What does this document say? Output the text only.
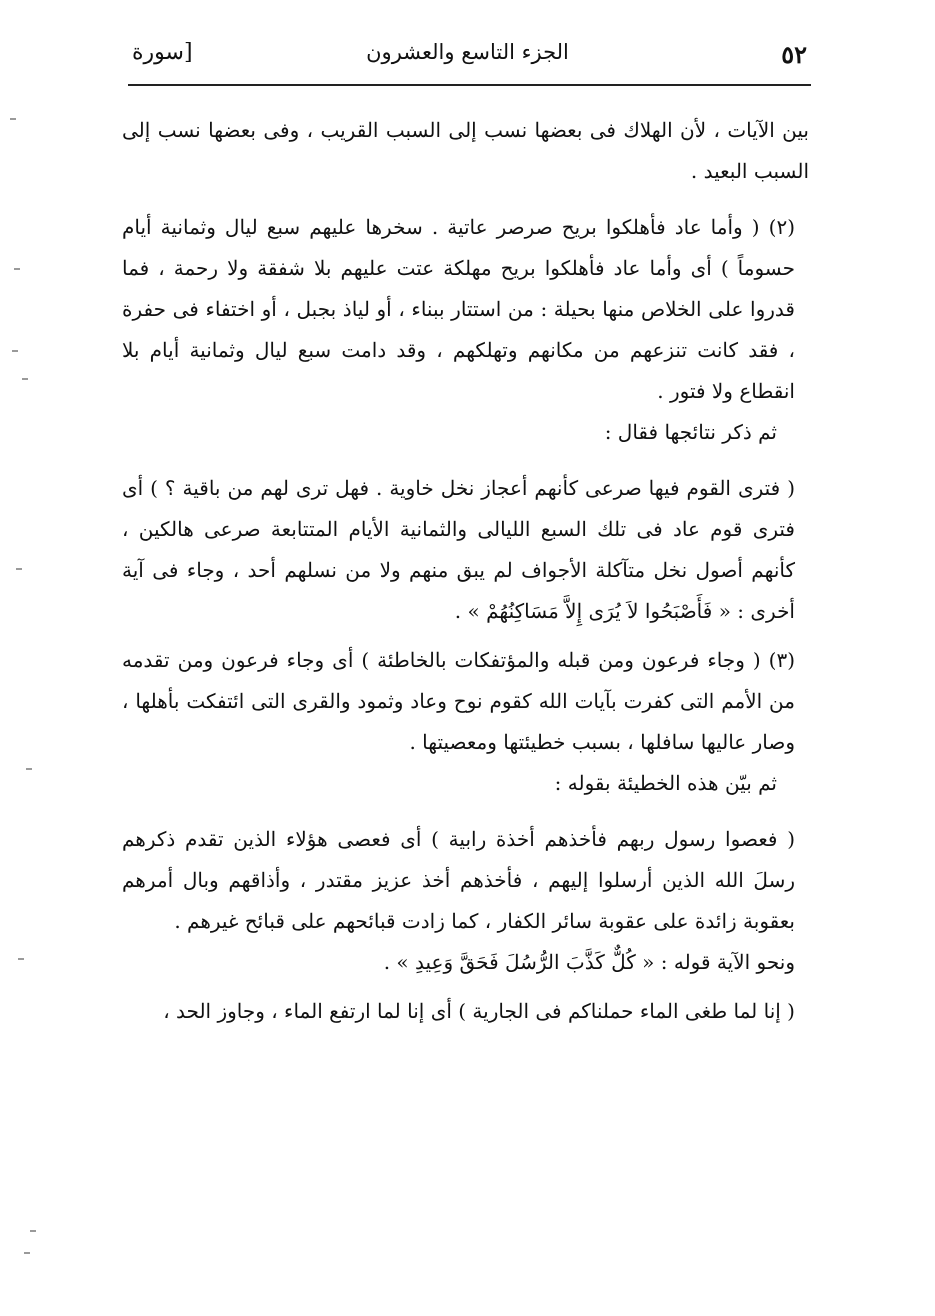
٥٢
الجزء التاسع والعشرون
[سورة

بين الآيات ، لأن الهلاك فى بعضها نسب إلى السبب القريب ، وفى بعضها نسب إلى السبب البعيد .

(٢) ( وأما عاد فأهلكوا بريح صرصر عاتية . سخرها عليهم سبع ليال وثمانية أيام حسوماً ) أى وأما عاد فأهلكوا بريح مهلكة عتت عليهم بلا شفقة ولا رحمة ، فما قدروا على الخلاص منها بحيلة : من استتار ببناء ، أو لياذ بجبل ، أو اختفاء فى حفرة ، فقد كانت تنزعهم من مكانهم وتهلكهم ، وقد دامت سبع ليال وثمانية أيام بلا انقطاع ولا فتور .

ثم ذكر نتائجها فقال :

( فترى القوم فيها صرعى كأنهم أعجاز نخل خاوية . فهل ترى لهم من باقية ؟ ) أى فترى قوم عاد فى تلك السبع الليالى والثمانية الأيام المتتابعة صرعى هالكين ، كأنهم أصول نخل متآكلة الأجواف لم يبق منهم ولا من نسلهم أحد ، وجاء فى آية أخرى : « فَأَصْبَحُوا لاَ يُرَى إِلاَّ مَسَاكِنُهُمْ » .

(٣) ( وجاء فرعون ومن قبله والمؤتفكات بالخاطئة ) أى وجاء فرعون ومن تقدمه من الأمم التى كفرت بآيات الله كقوم نوح وعاد وثمود والقرى التى ائتفكت بأهلها ، وصار عاليها سافلها ، بسبب خطيئتها ومعصيتها .

ثم بيّن هذه الخطيئة بقوله :

( فعصوا رسول ربهم فأخذهم أخذة رابية ) أى فعصى هؤلاء الذين تقدم ذكرهم رسلَ الله الذين أرسلوا إليهم ، فأخذهم أخذ عزيز مقتدر ، وأذاقهم وبال أمرهم بعقوبة زائدة على عقوبة سائر الكفار ، كما زادت قبائحهم على قبائح غيرهم .

ونحو الآية قوله : « كُلٌّ كَذَّبَ الرُّسُلَ فَحَقَّ وَعِيدِ » .

( إنا لما طغى الماء حملناكم فى الجارية ) أى إنا لما ارتفع الماء ، وجاوز الحد ،
